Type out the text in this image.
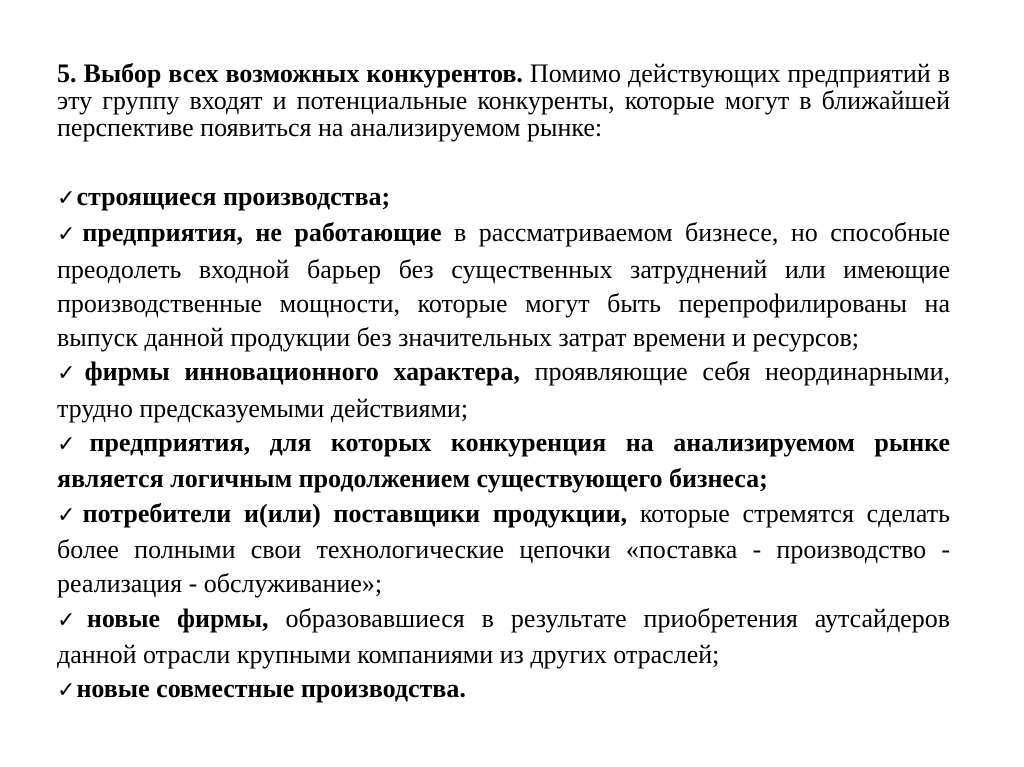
5. Выбор всех возможных конкурентов. Помимо действующих предприятий в эту группу входят и потенциальные конкуренты, которые могут в ближайшей перспективе появиться на анализируемом рынке:

✓строящиеся производства;
✓предприятия, не работающие в рассматриваемом бизнесе, но способные преодолеть входной барьер без существенных затруднений или имеющие производственные мощности, которые могут быть перепрофилированы на выпуск данной продукции без значительных затрат времени и ресурсов;
✓фирмы инновационного характера, проявляющие себя неординарными, трудно предсказуемыми действиями;
✓предприятия, для которых конкуренция на анализируемом рынке является логичным продолжением существующего бизнеса;
✓потребители и(или) поставщики продукции, которые стремятся сделать более полными свои технологические цепочки «поставка - производство - реализация - обслуживание»;
✓новые фирмы, образовавшиеся в результате приобретения аутсайдеров данной отрасли крупными компаниями из других отраслей;
✓новые совместные производства.
